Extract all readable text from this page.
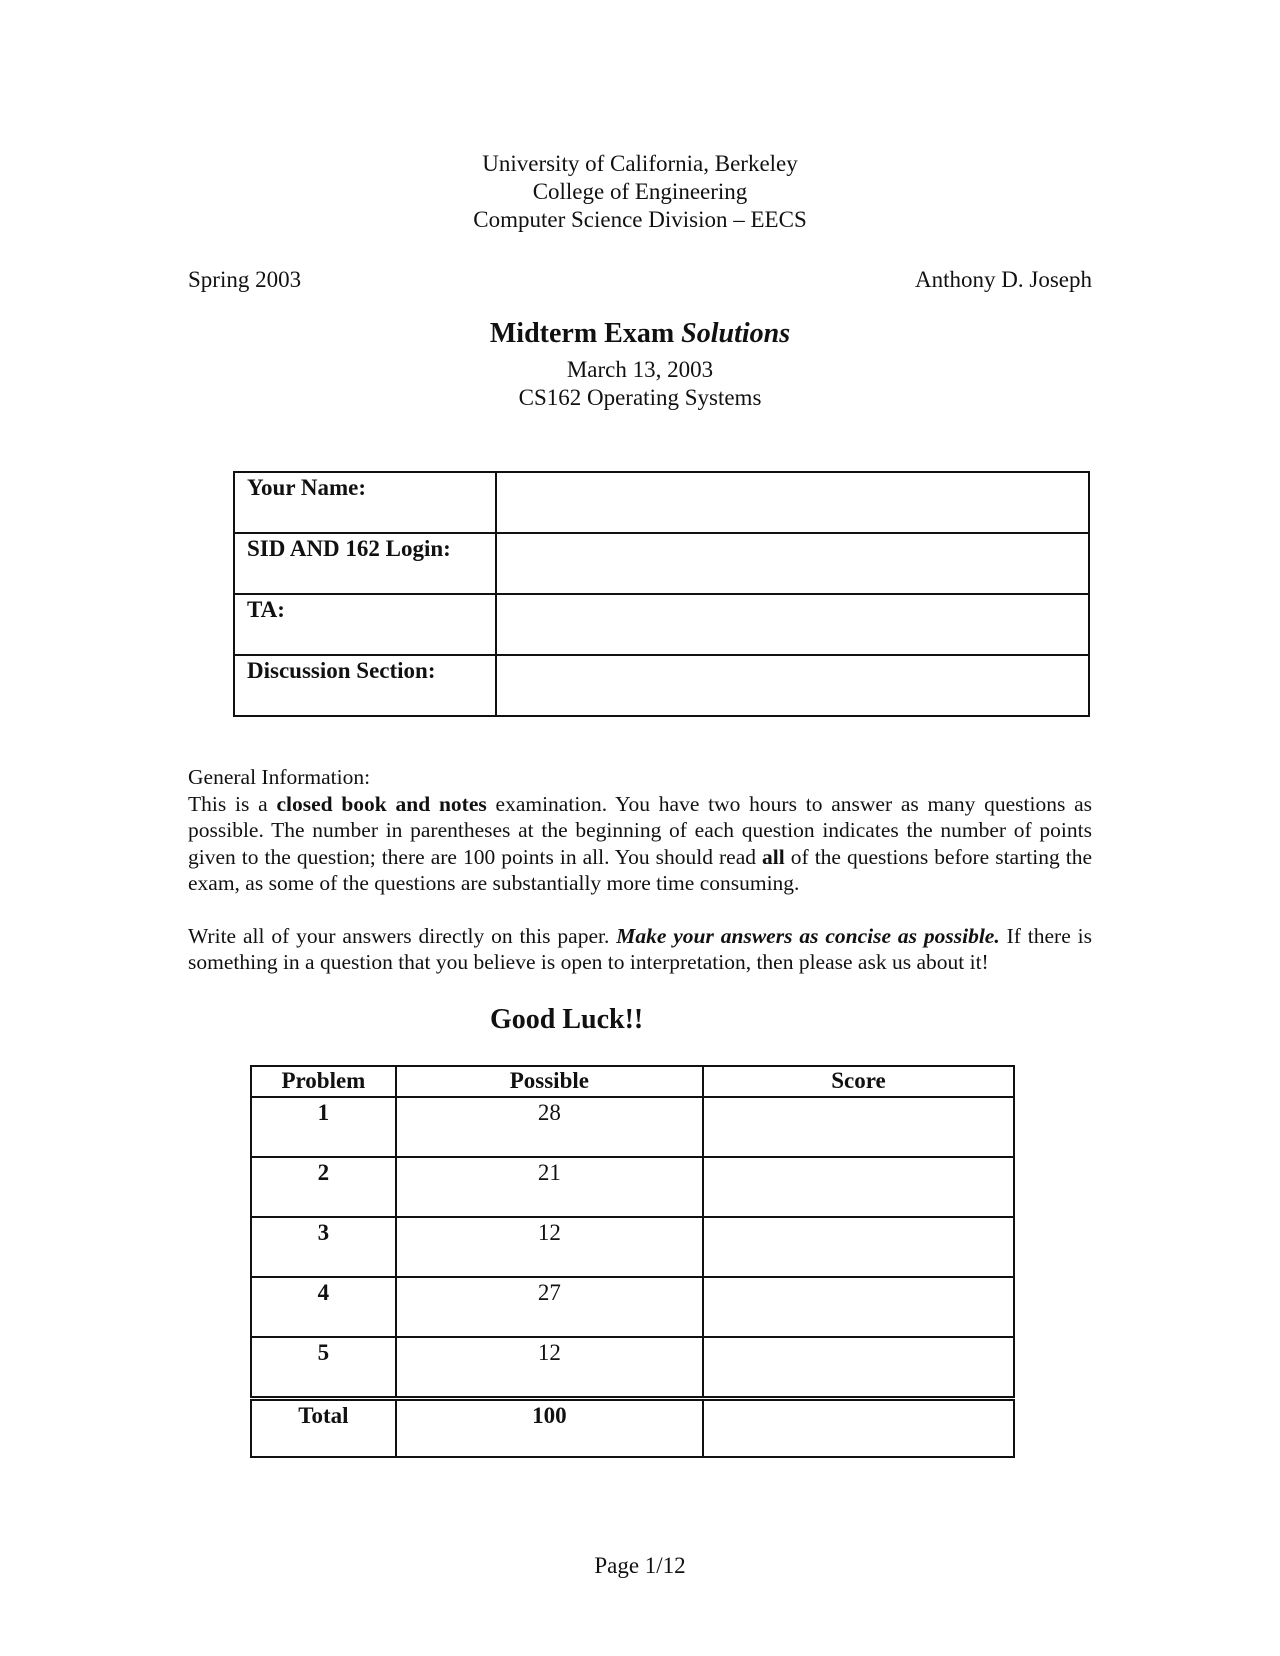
University of California, Berkeley
College of Engineering
Computer Science Division – EECS
Spring 2003	Anthony D. Joseph
Midterm Exam Solutions
March 13, 2003
CS162 Operating Systems
Your Name:	
SID AND 162 Login:	
TA:	
Discussion Section:	

General Information:

This is a closed book and notes examination. You have two hours to answer as many questions as possible. The number in parentheses at the beginning of each question indicates the number of points given to the question; there are 100 points in all. You should read all of the questions before starting the exam, as some of the questions are substantially more time consuming.

Write all of your answers directly on this paper. Make your answers as concise as possible. If there is something in a question that you believe is open to interpretation, then please ask us about it!

Good Luck!!
Problem	Possible	Score
1	28	
2	21	
3	12	
4	27	
5	12	
Total	100	
Page 1/12
